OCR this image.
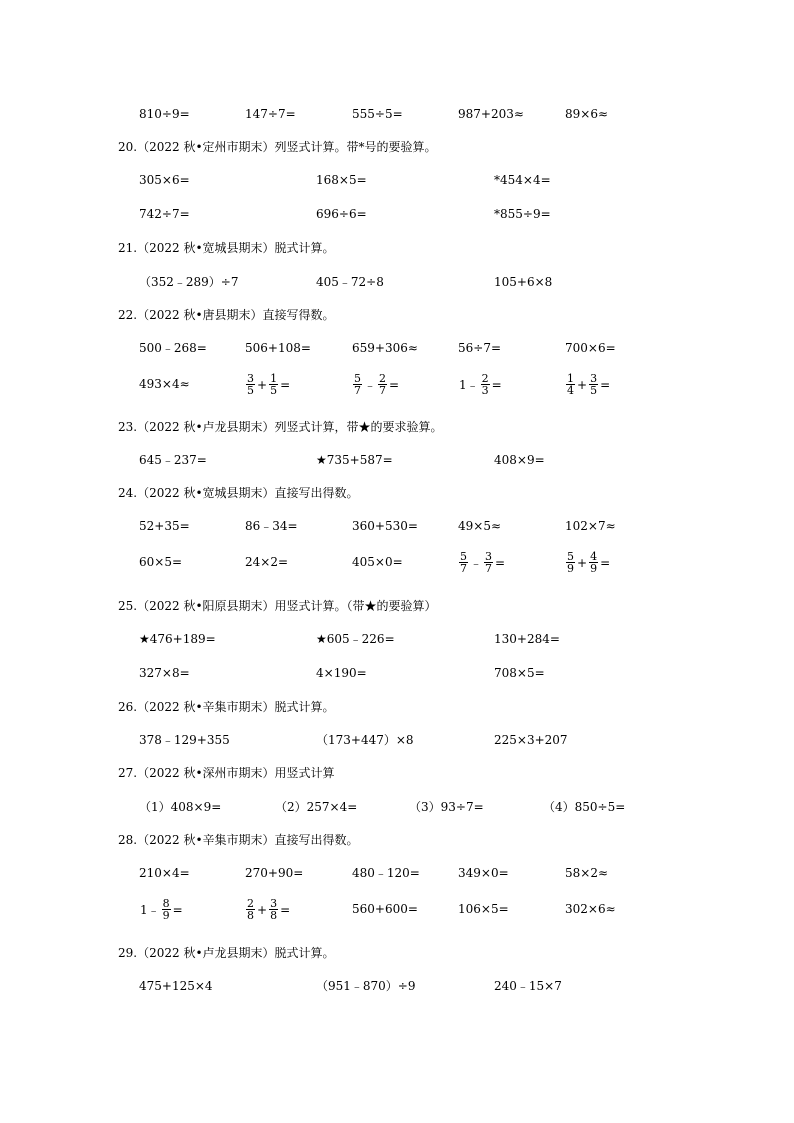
810÷9=	147÷7=	555÷5=	987+203≈	89×6≈
20.（2022 秋•定州市期末）列竖式计算。带*号的要验算。
305×6=	168×5=	*454×4=
742÷7=	696÷6=	*855÷9=
21.（2022 秋•宽城县期末）脱式计算。
（352﹣289）÷7	405﹣72÷8	105+6×8
22.（2022 秋•唐县期末）直接写得数。
500﹣268=	506+108=	659+306≈	56÷7=	700×6=
493×4≈	$\frac{3}{5} + \frac{1}{5}$ =	$\frac{5}{7}$ ﹣ $\frac{2}{7}$ =	1﹣ $\frac{2}{3}$ =	$\frac{1}{4} + \frac{3}{5}$ =
23.（2022 秋•卢龙县期末）列竖式计算，带★的要求验算。
645﹣237=	★735+587=	408×9=
24.（2022 秋•宽城县期末）直接写出得数。
52+35=	86﹣34=	360+530=	49×5≈	102×7≈
60×5=	24×2=	405×0=	$\frac{5}{7}$ ﹣ $\frac{3}{7}$ =	$\frac{5}{9} + \frac{4}{9}$ =
25.（2022 秋•阳原县期末）用竖式计算。（带★的要验算）
★476+189=	★605﹣226=	130+284=
327×8=	4×190=	708×5=
26.（2022 秋•辛集市期末）脱式计算。
378﹣129+355	（173+447）×8	225×3+207
27.（2022 秋•深州市期末）用竖式计算
（1）408×9=	（2）257×4=	（3）93÷7=	（4）850÷5=
28.（2022 秋•辛集市期末）直接写出得数。
210×4=	270+90=	480﹣120=	349×0=	58×2≈
1﹣ $\frac{8}{9}$ =	$\frac{2}{8} + \frac{3}{8}$ =	560+600=	106×5=	302×6≈
29.（2022 秋•卢龙县期末）脱式计算。
475+125×4	（951﹣870）÷9	240﹣15×7
